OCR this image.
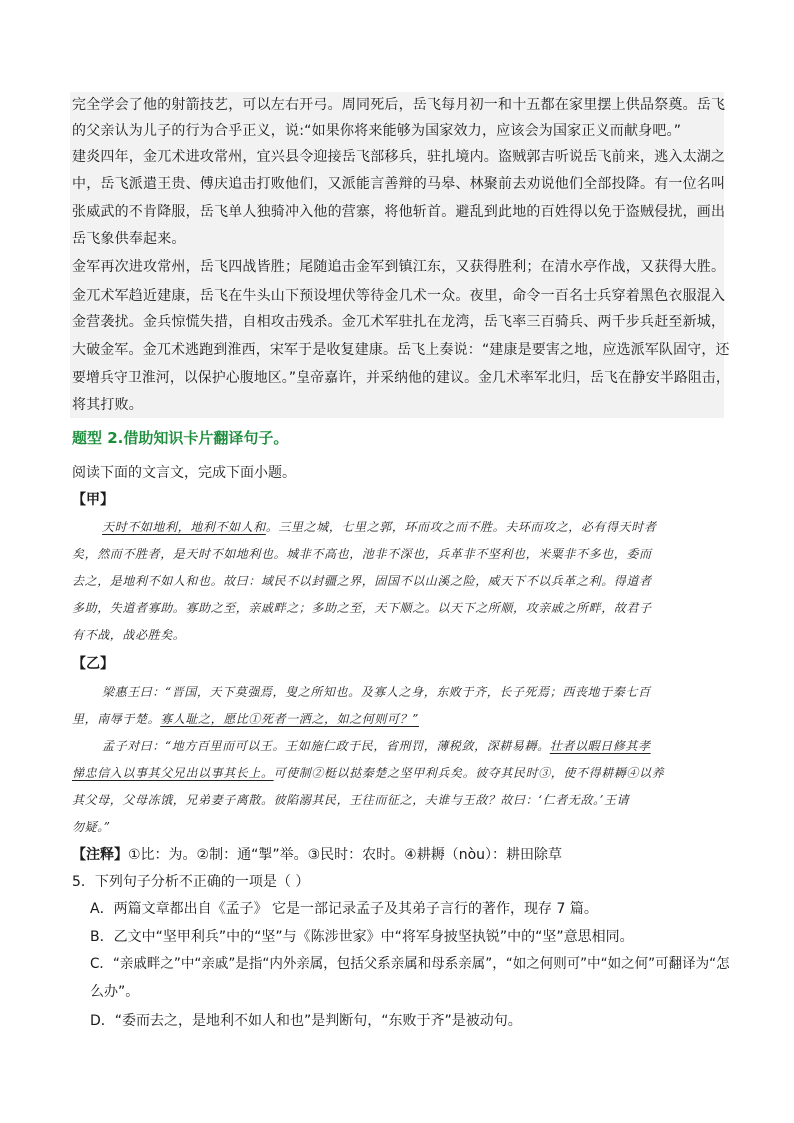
完全学会了他的射箭技艺，可以左右开弓。周同死后，岳飞每月初一和十五都在家里摆上供品祭奠。岳飞
的父亲认为儿子的行为合乎正义，说:“如果你将来能够为国家效力，应该会为国家正义而献身吧。”
建炎四年，金兀术进攻常州，宜兴县令迎接岳飞部移兵，驻扎境内。盗贼郭吉听说岳飞前来，逃入太湖之
中，岳飞派遣王贵、傅庆追击打败他们，又派能言善辩的马皋、林聚前去劝说他们全部投降。有一位名叫
张威武的不肯降服，岳飞单人独骑冲入他的营寨，将他斩首。避乱到此地的百姓得以免于盗贼侵扰，画出
岳飞象供奉起来。
金军再次进攻常州，岳飞四战皆胜；尾随追击金军到镇江东，又获得胜利；在清水亭作战，又获得大胜。
金兀术军趋近建康，岳飞在牛头山下预设埋伏等待金几术一众。夜里，命令一百名士兵穿着黑色衣服混入
金营袭扰。金兵惊慌失措，自相攻击残杀。金兀术军驻扎在龙湾，岳飞率三百骑兵、两千步兵赶至新城，
大破金军。金兀术逃跑到淮西，宋军于是收复建康。岳飞上奏说：“建康是要害之地，应选派军队固守，还
要增兵守卫淮河，以保护心腹地区。”皇帝嘉许，并采纳他的建议。金几术率军北归，岳飞在静安半路阻击，
将其打败。
题型 2.借助知识卡片翻译句子。
阅读下面的文言文，完成下面小题。
【甲】
天时不如地利，地利不如人和。三里之城，七里之郭，环而攻之而不胜。夫环而攻之，必有得天时者
矣，然而不胜者，是天时不如地利也。城非不高也，池非不深也，兵革非不坚利也，米粟非不多也，委而
去之，是地利不如人和也。故曰：域民不以封疆之界，固国不以山溪之险，威天下不以兵革之利。得道者
多助，失道者寡助。寡助之至，亲戚畔之；多助之至，天下顺之。以天下之所顺，攻亲戚之所畔，故君子
有不战，战必胜矣。
【乙】
梁惠王曰：“晋国，天下莫强焉，叟之所知也。及寡人之身，东败于齐，长子死焉；西丧地于秦七百
里，南辱于楚。寡人耻之，愿比①死者一洒之，如之何则可？”
孟子对曰：“地方百里而可以王。王如施仁政于民，省刑罚，薄税敛，深耕易耨。壮者以暇日修其孝
悌忠信入以事其父兄出以事其长上。可使制②梃以挞秦楚之坚甲利兵矣。彼夺其民时③，使不得耕耨④以养
其父母，父母冻饿，兄弟妻子离散。彼陷溺其民，王往而征之，夫谁与王敌？故曰：‘仁者无敌。’王请
勿疑。”
【注释】①比：为。②制：通“掣”举。③民时：农时。④耕耨（nòu）：耕田除草
5．下列句子分析不正确的一项是（ ）
A．两篇文章都出自《孟子》 它是一部记录孟子及其弟子言行的著作，现存 7 篇。
B．乙文中“坚甲利兵”中的“坚”与《陈涉世家》中“将军身披坚执锐”中的“坚”意思相同。
C．“亲戚畔之”中“亲戚”是指“内外亲属，包括父系亲属和母系亲属”，“如之何则可”中“如之何”可翻译为“怎
么办”。
D．“委而去之，是地利不如人和也”是判断句，“东败于齐”是被动句。
